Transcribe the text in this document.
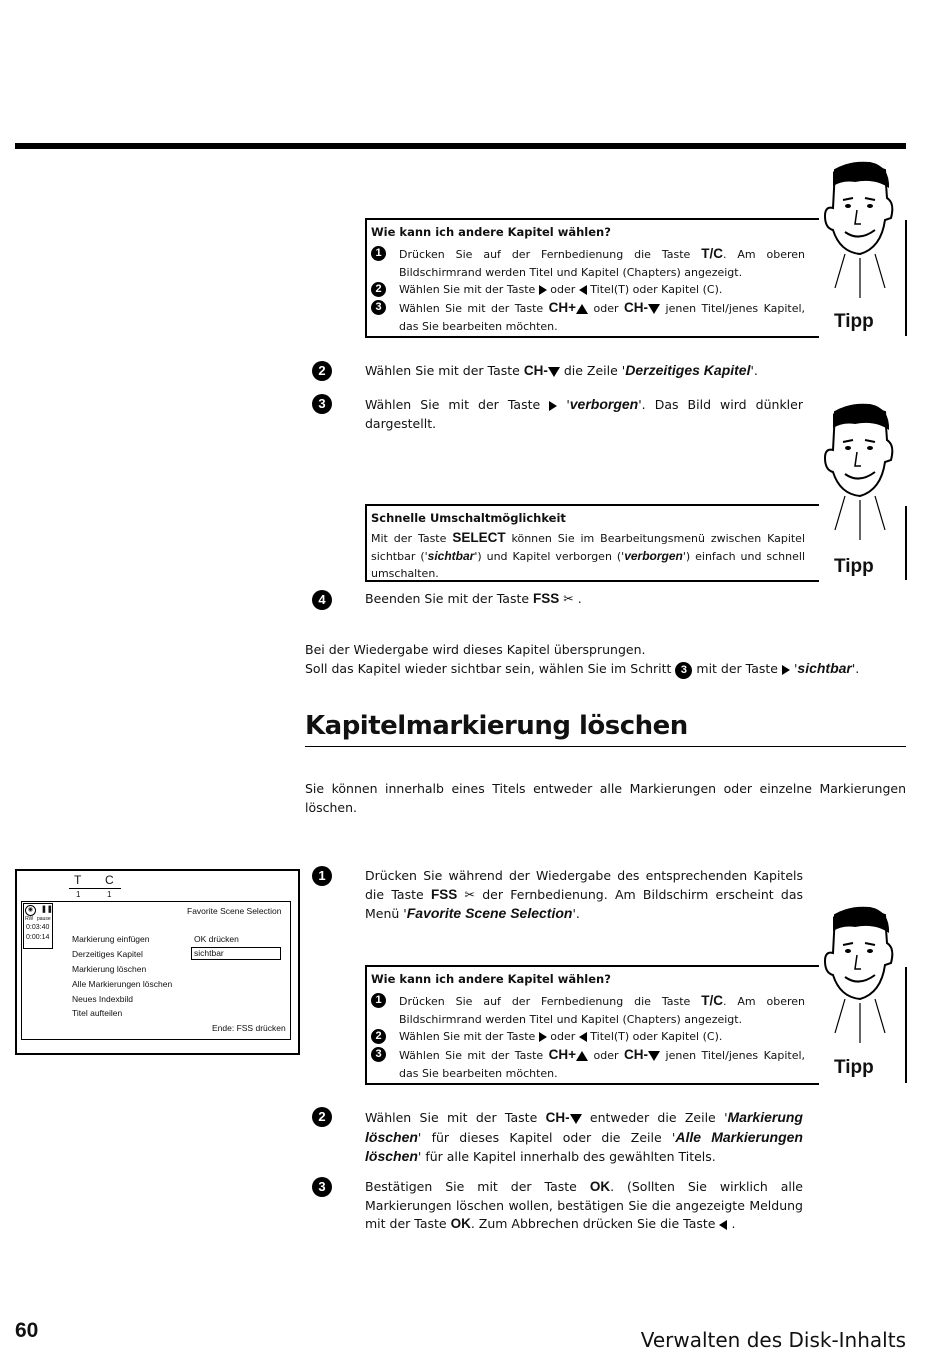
Wie kann ich andere Kapitel wählen?
1	Drücken Sie auf der Fernbedienung die Taste T/C. Am oberen Bildschirmrand werden Titel und Kapitel (Chapters) angezeigt.
2	Wählen Sie mit der Taste oder Titel(T) oder Kapitel (C).
3	Wählen Sie mit der Taste CH+ oder CH- jenen Titel/jenes Kapitel, das Sie bearbeiten möchten.	Tipp
2	Wählen Sie mit der Taste CH- die Zeile 'Derzeitiges Kapitel'.
3	Wählen Sie mit der Taste 'verborgen'. Das Bild wird dünkler dargestellt.
Schnelle Umschaltmöglichkeit
Mit der Taste SELECT können Sie im Bearbeitungsmenü zwischen Kapitel sichtbar ('sichtbar') und Kapitel verborgen ('verborgen') einfach und schnell umschalten.	Tipp
4	Beenden Sie mit der Taste FSS ✂ .
Bei der Wiedergabe wird dieses Kapitel übersprungen.
Soll das Kapitel wieder sichtbar sein, wählen Sie im Schritt 3 mit der Taste 'sichtbar'.
Kapitelmarkierung löschen
Sie können innerhalb eines Titels entweder alle Markierungen oder einzelne Markierungen löschen.
T C
1	1
◉	❚❚
RW pause
0:03:40
0:00:14
Favorite Scene Selection
Markierung einfügen
Derzeitiges Kapitel
Markierung löschen
Alle Markierungen löschen
Neues Indexbild
Titel aufteilen
OK drücken
sichtbar
Ende: FSS drücken
1	Drücken Sie während der Wiedergabe des entsprechenden Kapitels die Taste FSS ✂ der Fernbedienung. Am Bildschirm erscheint das Menü 'Favorite Scene Selection'.
Wie kann ich andere Kapitel wählen?
1	Drücken Sie auf der Fernbedienung die Taste T/C. Am oberen Bildschirmrand werden Titel und Kapitel (Chapters) angezeigt.
2	Wählen Sie mit der Taste oder Titel(T) oder Kapitel (C).
3	Wählen Sie mit der Taste CH+ oder CH- jenen Titel/jenes Kapitel, das Sie bearbeiten möchten.	Tipp
2	Wählen Sie mit der Taste CH- entweder die Zeile 'Markierung löschen' für dieses Kapitel oder die Zeile 'Alle Markierungen löschen' für alle Kapitel innerhalb des gewählten Titels.
3	Bestätigen Sie mit der Taste OK. (Sollten Sie wirklich alle Markierungen löschen wollen, bestätigen Sie die angezeigte Meldung mit der Taste OK. Zum Abbrechen drücken Sie die Taste .
60	Verwalten des Disk-Inhalts
